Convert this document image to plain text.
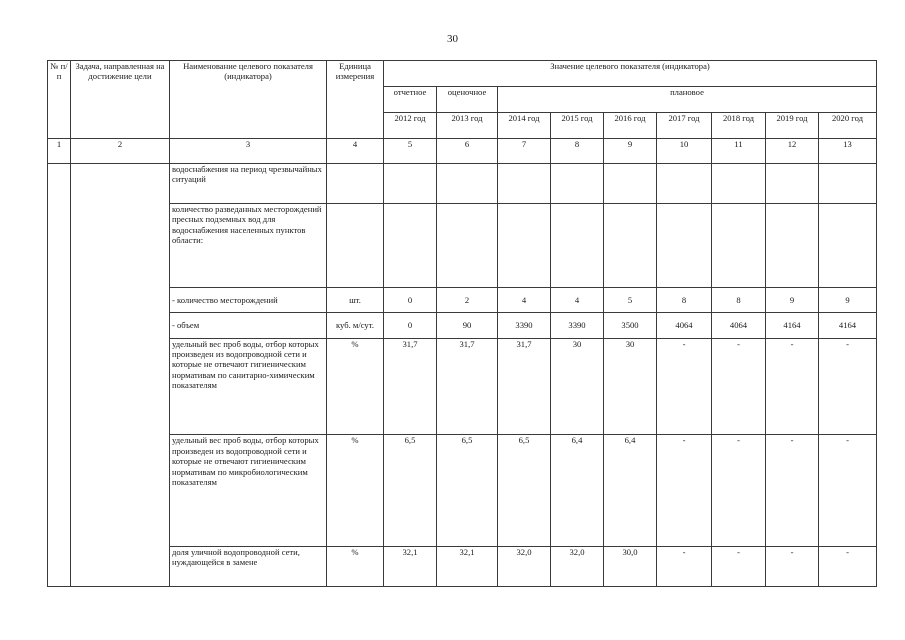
30
№ п/п	Задача, направленная на достижение цели	Наименование целевого показателя (индикатора)	Единица измерения	Значение целевого показателя (индикатора)								
				отчетное	оценочное	плановое						
				2012 год	2013 год	2014 год	2015 год	2016 год	2017 год	2018 год	2019 год	2020 год
1	2	3	4	5	6	7	8	9	10	11	12	13
		водоснабжения на период чрезвычайных ситуаций										
		количество разведанных месторождений пресных подземных вод для водоснабжения населенных пунктов области:										
		- количество месторождений	шт.	0	2	4	4	5	8	8	9	9
		- объем	куб. м/сут.	0	90	3390	3390	3500	4064	4064	4164	4164
		удельный вес проб воды, отбор которых произведен из водопроводной сети и которые не отвечают гигиеническим нормативам по санитарно-химическим показателям	%	31,7	31,7	31,7	30	30	-	-	-	-
		удельный вес проб воды, отбор которых произведен из водопроводной сети и которые не отвечают гигиеническим нормативам по микробиологическим показателям	%	6,5	6,5	6,5	6,4	6,4	-	-	-	-
		доля уличной водопроводной сети, нуждающейся в замене	%	32,1	32,1	32,0	32,0	30,0	-	-	-	-
